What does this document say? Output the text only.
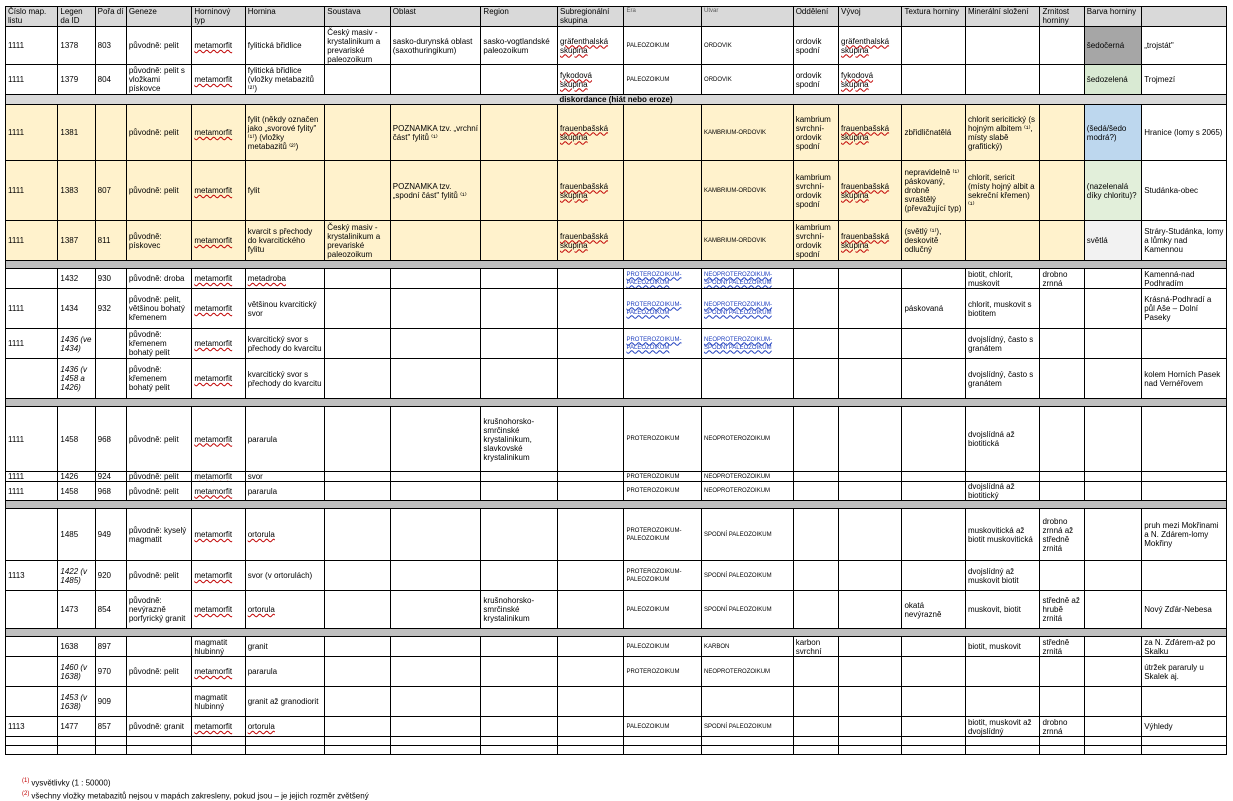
Číslo map. listu	Legen da ID	Pořa dí	Geneze	Horninový typ	Hornina	Soustava	Oblast	Region	Subregionální skupina	Éra	Útvar	Oddělení	Vývoj	Textura horniny	Minerální složení	Zrnitost horniny	Barva horniny	
1111	1378	803	původně: pelit	metamorfit	fylitická břidlice	Český masiv - krystalinikum a prevariské paleozoikum	sasko-durynská oblast (saxothuringikum)	sasko-vogtlandské paleozoikum	gräfenthalská skupina	PALEOZOIKUM	ORDOVIK	ordovik spodní	gräfenthalská skupina				šedočerná	„trojstát"
1111	1379	804	původně: pelit s vložkami pískovce	metamorfit	fylitická břidlice (vložky metabazitů ⁽²⁾)				fykodová skupina	PALEOZOIKUM	ORDOVIK	ordovik spodní	fykodová skupina				šedozelená	Trojmezí
diskordance (hiát nebo eroze)																		
1111	1381		původně: pelit	metamorfit	fylit (někdy označen jako „svorové fylity" ⁽¹⁾) (vložky metabazitů ⁽²⁾)		POZNAMKA tzv. „vrchní část" fylitů ⁽¹⁾		frauenbašská skupina		KAMBRIUM-ORDOVIK	kambrium svrchní-ordovik spodní	frauenbašská skupina	zbřidličnatělá	chlorit sericitický (s hojným albitem ⁽¹⁾, místy slabě grafitický)		(šedá/šedo modrá?)	Hranice (lomy s 2065)
1111	1383	807	původně: pelit	metamorfit	fylit		POZNAMKA tzv. „spodní část" fylitů ⁽¹⁾		frauenbašská skupina		KAMBRIUM-ORDOVIK	kambrium svrchní-ordovik spodní	frauenbašská skupina	nepravidelně ⁽¹⁾ páskovaný, drobně svraštělý (převažující typ)	chlorit, sericit (místy hojný albit a sekreční křemen) ⁽¹⁾		(nazelenalá díky chloritu)?	Studánka-obec
1111	1387	811	původně: pískovec	metamorfit	kvarcit s přechody do kvarcitického fylitu	Český masiv - krystalinikum a prevariské paleozoikum			frauenbašská skupina		KAMBRIUM-ORDOVIK	kambrium svrchní-ordovik spodní	frauenbašská skupina	(světlý ⁽¹⁾), deskovitě odlučný			světlá	Stráry-Studánka, lomy a lůmky nad Kamennou

	1432	930	původně: droba	metamorfit	metadroba					PROTEROZOIKUM-PALEOZOIKUM	NEOPROTEROZOIKUM-SPODNÍ PALEOZOIKUM				biotit, chlorit, muskovit	drobno zrnná		Kamenná-nad Podhradím
1111	1434	932	původně: pelit, většinou bohatý křemenem	metamorfit	většinou kvarcitický svor					PROTEROZOIKUM-PALEOZOIKUM	NEOPROTEROZOIKUM-SPODNÍ PALEOZOIKUM			páskovaná	chlorit, muskovit s biotitem			Krásná-Podhradí a půl Aše – Dolní Paseky
1111	1436 (ve 1434)		původně: křemenem bohatý pelit	metamorfit	kvarcitický svor s přechody do kvarcitu					PROTEROZOIKUM-PALEOZOIKUM	NEOPROTEROZOIKUM-SPODNÍ PALEOZOIKUM				dvojslídný, často s granátem			
	1436 (v 1458 a 1426)		původně: křemenem bohatý pelit	metamorfit	kvarcitický svor s přechody do kvarcitu										dvojslídný, často s granátem			kolem Horních Pasek nad Vernéřovem

1111	1458	968	původně: pelit	metamorfit	pararula			krušnohorsko-smrčinské krystalinikum, slavkovské krystalinikum		PROTEROZOIKUM	NEOPROTEROZOIKUM				dvojslídná až biotitická			
1111	1426	924	původně: pelit	metamorfit	svor					PROTEROZOIKUM	NEOPROTEROZOIKUM							
1111	1458	968	původně: pelit	metamorfit	pararula					PROTEROZOIKUM	NEOPROTEROZOIKUM				dvojslídná až biotitický			

	1485	949	původně: kyselý magmatit	metamorfit	ortorula					PROTEROZOIKUM-PALEOZOIKUM	SPODNÍ PALEOZOIKUM				muskovitická až biotit muskovitická	drobno zrnná až středně zrnitá		pruh mezi Mokřinami a N. Zdárem-lomy Mokřiny
1113	1422 (v 1485)	920	původně: pelit	metamorfit	svor (v ortorulách)					PROTEROZOIKUM-PALEOZOIKUM	SPODNÍ PALEOZOIKUM				dvojslídný až muskovit biotit			
	1473	854	původně: nevýrazně porfyrický granit	metamorfit	ortorula			krušnohorsko-smrčinské krystalinikum		PALEOZOIKUM	SPODNÍ PALEOZOIKUM			okatá nevýrazně	muskovit, biotit	středně až hrubě zrnitá		Nový Zďár-Nebesa

	1638	897		magmatit hlubinný	granit					PALEOZOIKUM	KARBON	karbon svrchní			biotit, muskovit	středně zrnitá		za N. Zďárem-až po Skalku
	1460 (v 1638)	970	původně: pelit	metamorfit	pararula					PROTEROZOIKUM	NEOPROTEROZOIKUM							útržek pararuly u Skalek aj.
	1453 (v 1638)	909		magmatit hlubinný	granit až granodiorit													
1113	1477	857	původně: granit	metamorfit	ortorula					PALEOZOIKUM	SPODNÍ PALEOZOIKUM				biotit, muskovit až dvojslídný	drobno zrnná		Výhledy

$^{(1)}$ vysvětlivky (1 : 50000)
$^{(2)}$ všechny vložky metabazitů nejsou v mapách zakresleny, pokud jsou – je jejich rozměr zvětšený
